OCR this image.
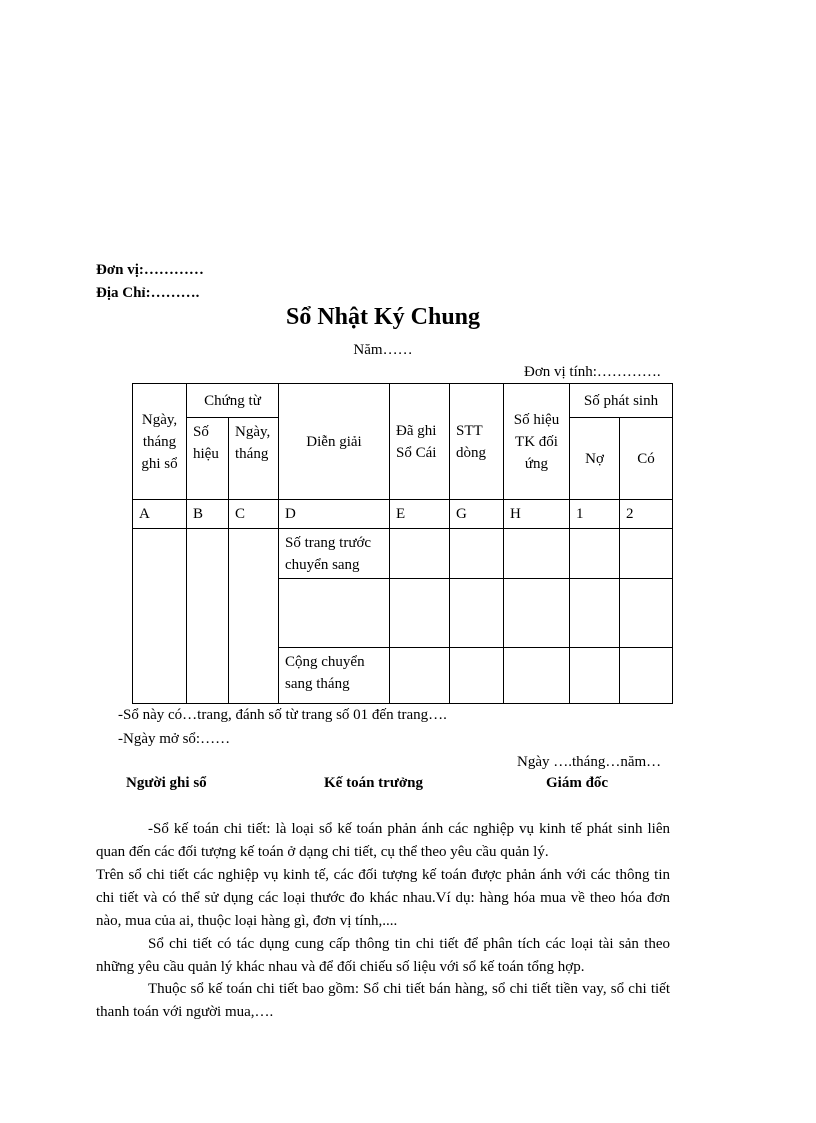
Đơn vị:…………
Địa Chỉ:……….
Sổ Nhật Ký Chung
Năm……
Đơn vị tính:………….
Ngày, tháng ghi sổ	Chứng từ		Diễn giải	Đã ghi Sổ Cái	STT dòng	Số hiệu TK đối ứng	Số phát sinh	
	Số hiệu	Ngày, tháng					Nợ	Có
A	B	C	D	E	G	H	1	2
			Số trang trước chuyển sang					

			Cộng chuyển sang tháng					
-Sổ này có…trang, đánh số từ trang số 01 đến trang….
-Ngày mở sổ:……
Ngày ….tháng…năm…
Người ghi sổ	Kế toán trưởng	Giám đốc
-Sổ kế toán chi tiết: là loại sổ kế toán phản ánh các nghiệp vụ kinh tế phát sinh liên quan đến các đối tượng kế toán ở dạng chi tiết, cụ thể theo yêu cầu quản lý.
Trên sổ chi tiết các nghiệp vụ kinh tế, các đối tượng kế toán được phản ánh với các thông tin chi tiết và có thể sử dụng các loại thước đo khác nhau.Ví dụ: hàng hóa mua về theo hóa đơn nào, mua của ai, thuộc loại hàng gì, đơn vị tính,....
Sổ chi tiết có tác dụng cung cấp thông tin chi tiết để phân tích các loại tài sản theo những yêu cầu quản lý khác nhau và để đối chiếu số liệu với sổ kế toán tổng hợp.
Thuộc sổ kế toán chi tiết bao gồm: Sổ chi tiết bán hàng, sổ chi tiết tiền vay, sổ chi tiết thanh toán với người mua,….
